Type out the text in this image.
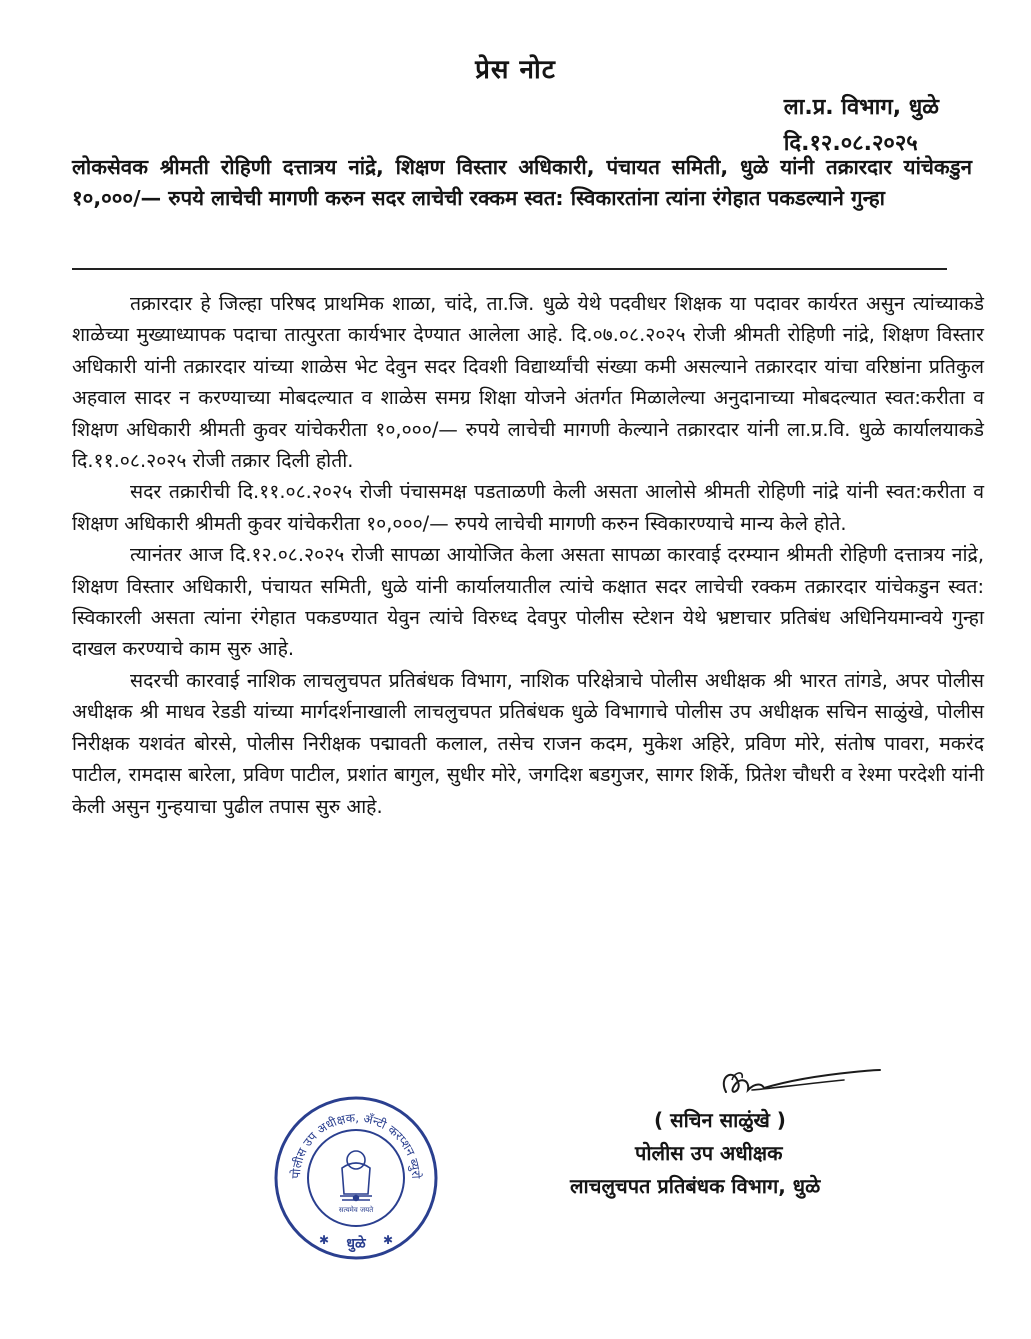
प्रेस नोट
ला.प्र. विभाग, धुळे
दि.१२.०८.२०२५
लोकसेवक श्रीमती रोहिणी दत्तात्रय नांद्रे, शिक्षण विस्तार अधिकारी, पंचायत समिती, धुळे यांनी तक्रारदार यांचेकडुन १०,०००/— रुपये लाचेची मागणी करुन सदर लाचेची रक्कम स्वत: स्विकारतांना त्यांना रंगेहात पकडल्याने गुन्हा

तक्रारदार हे जिल्हा परिषद प्राथमिक शाळा, चांदे, ता.जि. धुळे येथे पदवीधर शिक्षक या पदावर कार्यरत असुन त्यांच्याकडे शाळेच्या मुख्याध्यापक पदाचा तात्पुरता कार्यभार देण्यात आलेला आहे. दि.०७.०८.२०२५ रोजी श्रीमती रोहिणी नांद्रे, शिक्षण विस्तार अधिकारी यांनी तक्रारदार यांच्या शाळेस भेट देवुन सदर दिवशी विद्यार्थ्यांची संख्या कमी असल्याने तक्रारदार यांचा वरिष्ठांना प्रतिकुल अहवाल सादर न करण्याच्या मोबदल्यात व शाळेस समग्र शिक्षा योजने अंतर्गत मिळालेल्या अनुदानाच्या मोबदल्यात स्वत:करीता व शिक्षण अधिकारी श्रीमती कुवर यांचेकरीता १०,०००/— रुपये लाचेची मागणी केल्याने तक्रारदार यांनी ला.प्र.वि. धुळे कार्यालयाकडे दि.११.०८.२०२५ रोजी तक्रार दिली होती.

सदर तक्रारीची दि.११.०८.२०२५ रोजी पंचासमक्ष पडताळणी केली असता आलोसे श्रीमती रोहिणी नांद्रे यांनी स्वत:करीता व शिक्षण अधिकारी श्रीमती कुवर यांचेकरीता १०,०००/— रुपये लाचेची मागणी करुन स्विकारण्याचे मान्य केले होते.

त्यानंतर आज दि.१२.०८.२०२५ रोजी सापळा आयोजित केला असता सापळा कारवाई दरम्यान श्रीमती रोहिणी दत्तात्रय नांद्रे, शिक्षण विस्तार अधिकारी, पंचायत समिती, धुळे यांनी कार्यालयातील त्यांचे कक्षात सदर लाचेची रक्कम तक्रारदार यांचेकडुन स्वत: स्विकारली असता त्यांना रंगेहात पकडण्यात येवुन त्यांचे विरुध्द देवपुर पोलीस स्टेशन येथे भ्रष्टाचार प्रतिबंध अधिनियमान्वये गुन्हा दाखल करण्याचे काम सुरु आहे.

सदरची कारवाई नाशिक लाचलुचपत प्रतिबंधक विभाग, नाशिक परिक्षेत्राचे पोलीस अधीक्षक श्री भारत तांगडे, अपर पोलीस अधीक्षक श्री माधव रेडडी यांच्या मार्गदर्शनाखाली लाचलुचपत प्रतिबंधक धुळे विभागाचे पोलीस उप अधीक्षक सचिन साळुंखे, पोलीस निरीक्षक यशवंत बोरसे, पोलीस निरीक्षक पद्मावती कलाल, तसेच राजन कदम, मुकेश अहिरे, प्रविण मोरे, संतोष पावरा, मकरंद पाटील, रामदास बारेला, प्रविण पाटील, प्रशांत बागुल, सुधीर मोरे, जगदिश बडगुजर, सागर शिर्के, प्रितेश चौधरी व रेश्मा परदेशी यांनी केली असुन गुन्हयाचा पुढील तपास सुरु आहे.

( सचिन साळुंखे )
पोलीस उप अधीक्षक
लाचलुचपत प्रतिबंधक विभाग, धुळे
पोलीस उप अधीक्षक, अँन्टी करप्शन ब्युरो
सत्यमेव जयते
धुळे
✱	✱
